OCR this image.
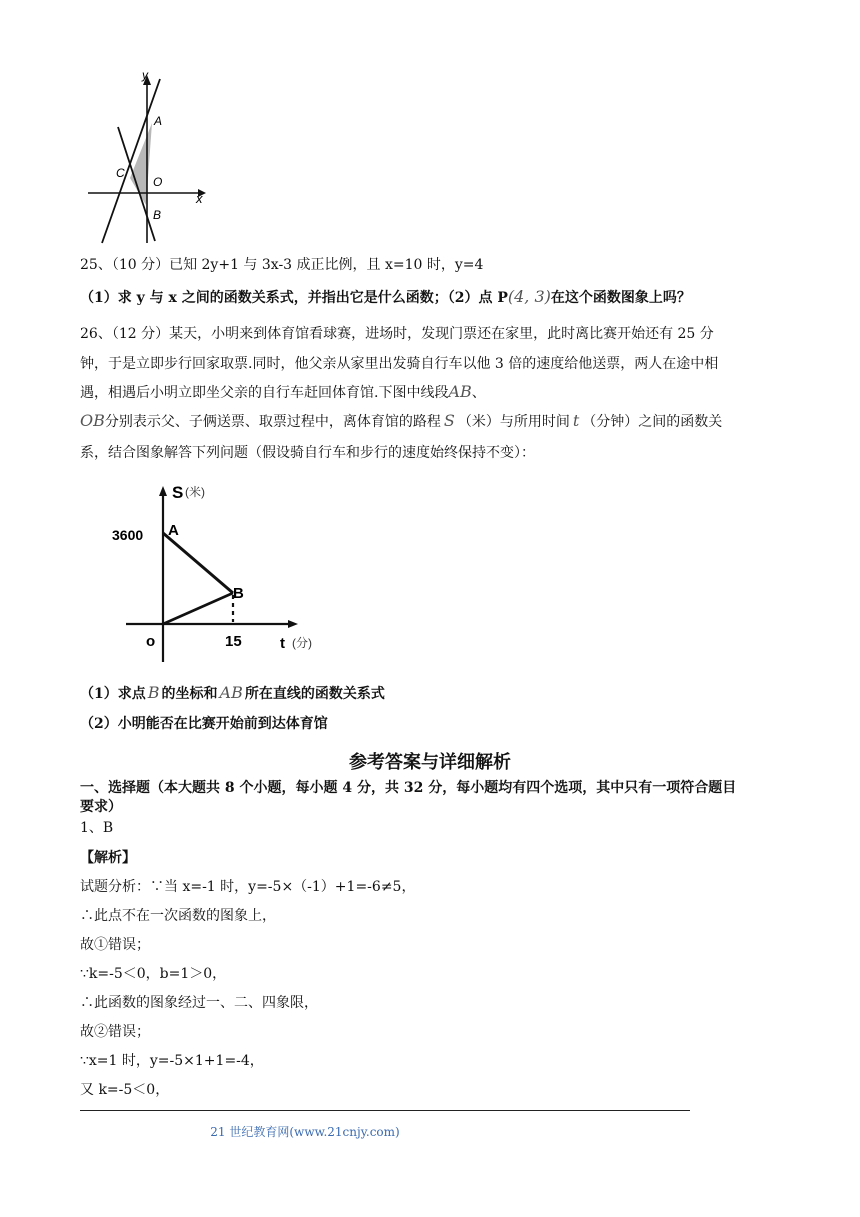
y
x
A
C
O
B
25、（10 分）已知 2y+1 与 3x-3 成正比例，且 x=10 时，y=4
（1）求 y 与 x 之间的函数关系式，并指出它是什么函数；（2）点 P(4, 3)在这个函数图象上吗？
26、（12 分）某天，小明来到体育馆看球赛，进场时，发现门票还在家里，此时离比赛开始还有 25 分
钟，于是立即步行回家取票.同时，他父亲从家里出发骑自行车以他 3 倍的速度给他送票，两人在途中相
遇，相遇后小明立即坐父亲的自行车赶回体育馆.下图中线段AB、
OB分别表示父、子俩送票、取票过程中，离体育馆的路程 S （米）与所用时间 t （分钟）之间的函数关
系，结合图象解答下列问题（假设骑自行车和步行的速度始终保持不变）：
S (米)
3600 A
B
o	15	t (分)
（1）求点 B 的坐标和 AB 所在直线的函数关系式
（2）小明能否在比赛开始前到达体育馆
参考答案与详细解析
一、选择题（本大题共 8 个小题，每小题 4 分，共 32 分，每小题均有四个选项，其中只有一项符合题目
要求）
1、B
【解析】
试题分析：∵当 x=-1 时，y=-5×（-1）+1=-6≠5，
∴此点不在一次函数的图象上，
故①错误；
∵k=-5＜0，b=1＞0，
∴此函数的图象经过一、二、四象限，
故②错误；
∵x=1 时，y=-5×1+1=-4，
又 k=-5＜0，
21 世纪教育网(www.21cnjy.com)
